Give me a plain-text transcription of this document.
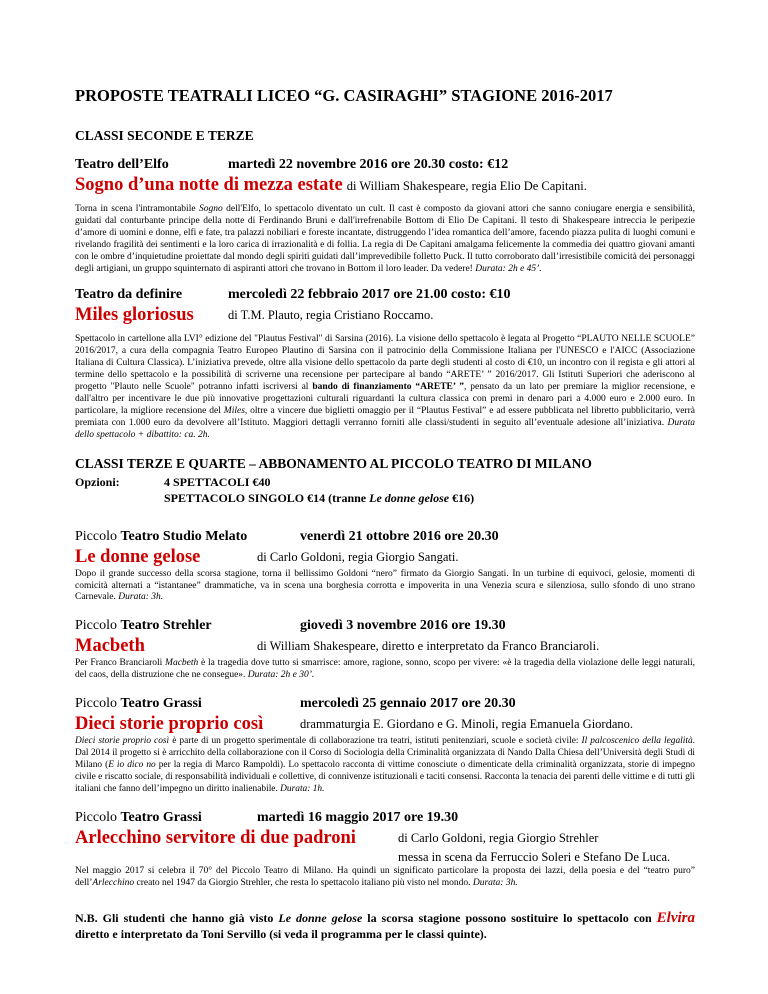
PROPOSTE TEATRALI LICEO “G. CASIRAGHI” STAGIONE 2016-2017
CLASSI SECONDE E TERZE
Teatro dell’Elfo	martedì 22 novembre 2016 ore 20.30 costo: €12
Sogno d’una notte di mezza estate di William Shakespeare, regia Elio De Capitani.

Torna in scena l'intramontabile Sogno dell'Elfo, lo spettacolo diventato un cult. Il cast è composto da giovani attori che sanno coniugare energia e sensibilità, guidati dal conturbante principe della notte di Ferdinando Bruni e dall'irrefrenabile Bottom di Elio De Capitani. Il testo di Shakespeare intreccia le peripezie d’amore di uomini e donne, elfi e fate, tra palazzi nobiliari e foreste incantate, distruggendo l’idea romantica dell’amore, facendo piazza pulita di luoghi comuni e rivelando fragilità dei sentimenti e la loro carica di irrazionalità e di follia. La regia di De Capitani amalgama felicemente la commedia dei quattro giovani amanti con le ombre d’inquietudine proiettate dal mondo degli spiriti guidati dall’imprevedibile folletto Puck. Il tutto corroborato dall’irresistibile comicità dei personaggi degli artigiani, un gruppo squinternato di aspiranti attori che trovano in Bottom il loro leader. Da vedere! Durata: 2h e 45’.

Teatro da definire	mercoledì 22 febbraio 2017 ore 21.00 costo: €10
Miles gloriosus	di T.M. Plauto, regia Cristiano Roccamo.

Spettacolo in cartellone alla LVI° edizione del "Plautus Festival" di Sarsina (2016). La visione dello spettacolo è legata al Progetto “PLAUTO NELLE SCUOLE” 2016/2017, a cura della compagnia Teatro Europeo Plautino di Sarsina con il patrocinio della Commissione Italiana per l'UNESCO e l'AICC (Associazione Italiana di Cultura Classica). L’iniziativa prevede, oltre alla visione dello spettacolo da parte degli studenti al costo di €10, un incontro con il regista e gli attori al termine dello spettacolo e la possibilità di scriverne una recensione per partecipare al bando “ARETE’ ” 2016/2017. Gli Istituti Superiori che aderiscono al progetto "Plauto nelle Scuole" potranno infatti iscriversi al bando di finanziamento “ARETE’ ”, pensato da un lato per premiare la miglior recensione, e dall'altro per incentivare le due più innovative progettazioni culturali riguardanti la cultura classica con premi in denaro pari a 4.000 euro e 2.000 euro. In particolare, la migliore recensione del Miles, oltre a vincere due biglietti omaggio per il “Plautus Festival” e ad essere pubblicata nel libretto pubblicitario, verrà premiata con 1.000 euro da devolvere all’Istituto. Maggiori dettagli verranno forniti alle classi/studenti in seguito all’eventuale adesione all’iniziativa. Durata dello spettacolo + dibattito: ca. 2h.

CLASSI TERZE E QUARTE – ABBONAMENTO AL PICCOLO TEATRO DI MILANO
Opzioni:	4 SPETTACOLI €40
SPETTACOLO SINGOLO €14 (tranne Le donne gelose €16)
Piccolo Teatro Studio Melato	venerdì 21 ottobre 2016 ore 20.30
Le donne gelose	di Carlo Goldoni, regia Giorgio Sangati.

Dopo il grande successo della scorsa stagione, torna il bellissimo Goldoni “nero” firmato da Giorgio Sangati. In un turbine di equivoci, gelosie, momenti di comicità alternati a “istantanee” drammatiche, va in scena una borghesia corrotta e impoverita in una Venezia scura e silenziosa, sullo sfondo di uno strano Carnevale. Durata: 3h.

Piccolo Teatro Strehler	giovedì 3 novembre 2016 ore 19.30
Macbeth	di William Shakespeare, diretto e interpretato da Franco Branciaroli.

Per Franco Branciaroli Macbeth è la tragedia dove tutto si smarrisce: amore, ragione, sonno, scopo per vivere: «è la tragedia della violazione delle leggi naturali, del caos, della distruzione che ne consegue». Durata: 2h e 30’.

Piccolo Teatro Grassi	mercoledì 25 gennaio 2017 ore 20.30
Dieci storie proprio così	drammaturgia E. Giordano e G. Minoli, regia Emanuela Giordano.

Dieci storie proprio così è parte di un progetto sperimentale di collaborazione tra teatri, istituti penitenziari, scuole e società civile: Il palcoscenico della legalità. Dal 2014 il progetto si è arricchito della collaborazione con il Corso di Sociologia della Criminalità organizzata di Nando Dalla Chiesa dell’Università degli Studi di Milano (E io dico no per la regia di Marco Rampoldi). Lo spettacolo racconta di vittime conosciute o dimenticate della criminalità organizzata, storie di impegno civile e riscatto sociale, di responsabilità individuali e collettive, di connivenze istituzionali e taciti consensi. Racconta la tenacia dei parenti delle vittime e di tutti gli italiani che fanno dell’impegno un diritto inalienabile. Durata: 1h.

Piccolo Teatro Grassi	martedì 16 maggio 2017 ore 19.30
Arlecchino servitore di due padroni	di Carlo Goldoni, regia Giorgio Strehler
messa in scena da Ferruccio Soleri e Stefano De Luca.

Nel maggio 2017 si celebra il 70° del Piccolo Teatro di Milano. Ha quindi un significato particolare la proposta dei lazzi, della poesia e del “teatro puro” dell’Arlecchino creato nel 1947 da Giorgio Strehler, che resta lo spettacolo italiano più visto nel mondo. Durata: 3h.

N.B. Gli studenti che hanno già visto Le donne gelose la scorsa stagione possono sostituire lo spettacolo con Elvira diretto e interpretato da Toni Servillo (si veda il programma per le classi quinte).
